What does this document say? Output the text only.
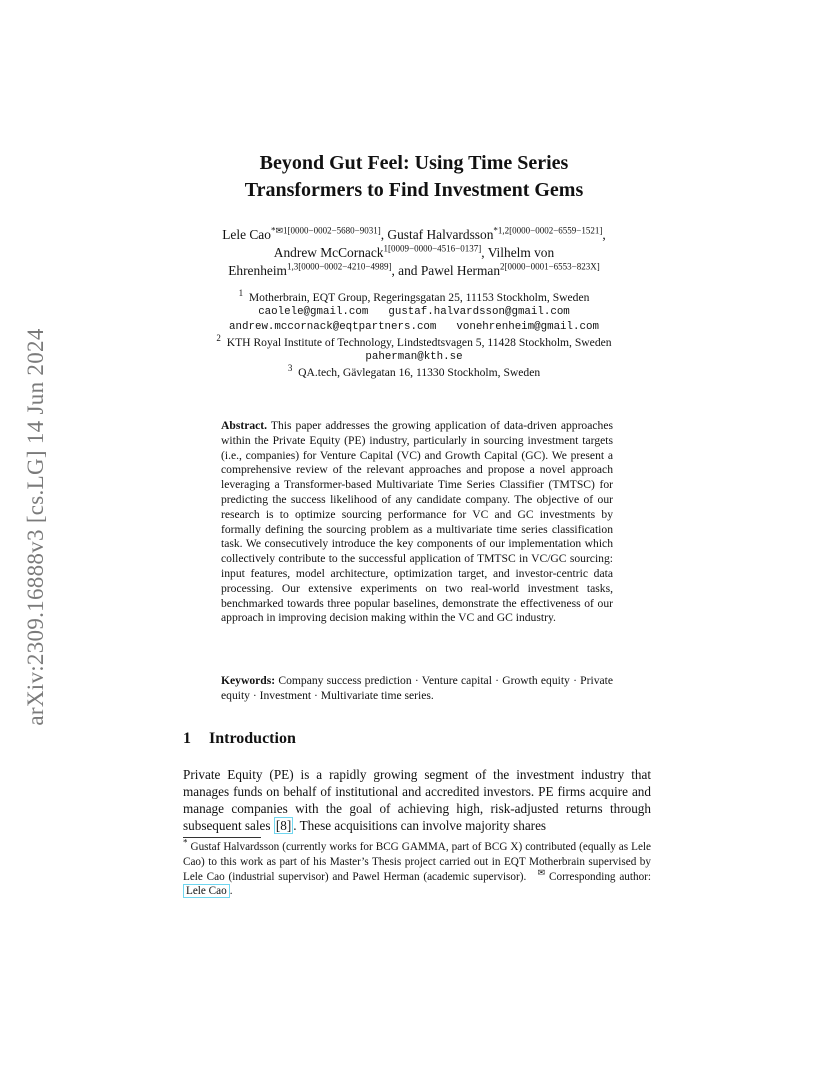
arXiv:2309.16888v3 [cs.LG] 14 Jun 2024
Beyond Gut Feel: Using Time Series
Transformers to Find Investment Gems
Lele Cao$^{*✉1[0000-0002-5680-9031]}$, Gustaf Halvardsson$^{*1,2[0000-0002-6559-1521]}$,
Andrew McCornack$^{1[0009-0000-4516-0137]}$, Vilhelm von
Ehrenheim$^{1,3[0000-0002-4210-4989]}$, and Pawel Herman$^{2[0000-0001-6553-823X]}$
$^1$ Motherbrain, EQT Group, Regeringsgatan 25, 11153 Stockholm, Sweden
caolele@gmail.com gustaf.halvardsson@gmail.com
andrew.mccornack@eqtpartners.com vonehrenheim@gmail.com
$^2$ KTH Royal Institute of Technology, Lindstedtsvagen 5, 11428 Stockholm, Sweden
paherman@kth.se
$^3$ QA.tech, Gävlegatan 16, 11330 Stockholm, Sweden
Abstract. This paper addresses the growing application of data-driven approaches within the Private Equity (PE) industry, particularly in sourcing investment targets (i.e., companies) for Venture Capital (VC) and Growth Capital (GC). We present a comprehensive review of the relevant approaches and propose a novel approach leveraging a Transformer-based Multivariate Time Series Classifier (TMTSC) for predicting the success likelihood of any candidate company. The objective of our research is to optimize sourcing performance for VC and GC investments by formally defining the sourcing problem as a multivariate time series classification task. We consecutively introduce the key components of our implementation which collectively contribute to the successful application of TMTSC in VC/GC sourcing: input features, model architecture, optimization target, and investor-centric data processing. Our extensive experiments on two real-world investment tasks, benchmarked towards three popular baselines, demonstrate the effectiveness of our approach in improving decision making within the VC and GC industry.
Keywords: Company success prediction · Venture capital · Growth equity · Private equity · Investment · Multivariate time series.
1 Introduction
Private Equity (PE) is a rapidly growing segment of the investment industry that manages funds on behalf of institutional and accredited investors. PE firms acquire and manage companies with the goal of achieving high, risk-adjusted returns through subsequent sales [8] . These acquisitions can involve majority shares
* Gustaf Halvardsson (currently works for BCG GAMMA, part of BCG X) contributed (equally as Lele Cao) to this work as part of his Master’s Thesis project carried out in EQT Motherbrain supervised by Lele Cao (industrial supervisor) and Pawel Herman (academic supervisor). ✉ Corresponding author: Lele Cao .
